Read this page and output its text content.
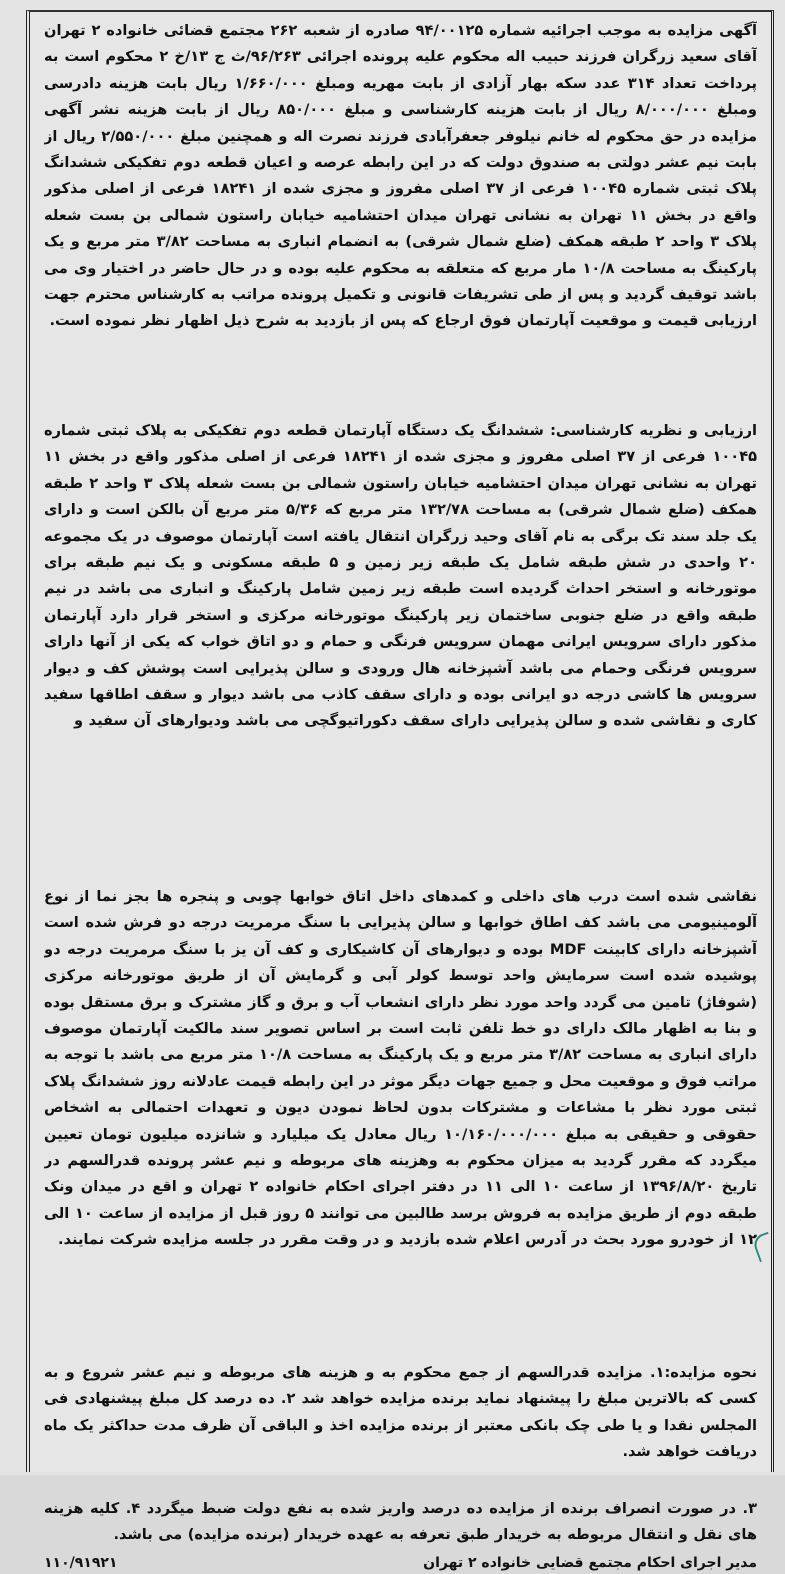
آگهی مزایده به موجب اجرائیه شماره ۹۴/۰۰۱۲۵ صادره از شعبه ۲۶۲ مجتمع قضائی خانواده ۲ تهران آقای سعید زرگران فرزند حبیب اله محکوم علیه پرونده اجرائی ۹۶/۲۶۳/ث ج ۱۳/خ ۲ محکوم است به پرداخت تعداد ۳۱۴ عدد سکه بهار آزادی از بابت مهریه ومبلغ ۱/۶۶۰/۰۰۰ ریال بابت هزینه دادرسی ومبلغ ۸/۰۰۰/۰۰۰ ریال از بابت هزینه کارشناسی و مبلغ ۸۵۰/۰۰۰ ریال از بابت هزینه نشر آگهی مزایده در حق محکوم له خانم نیلوفر جعفرآبادی فرزند نصرت اله و همچنین مبلغ ۲/۵۵۰/۰۰۰ ریال از بابت نیم عشر دولتی به صندوق دولت که در این رابطه عرصه و اعیان قطعه دوم تفکیکی ششدانگ پلاک ثبتی شماره ۱۰۰۴۵ فرعی از ۳۷ اصلی مفروز و مجزی شده از ۱۸۲۴۱ فرعی از اصلی مذکور واقع در بخش ۱۱ تهران به نشانی تهران میدان احتشامیه خیابان راستون شمالی بن بست شعله پلاک ۳ واحد ۲ طبقه همکف (ضلع شمال شرقی) به انضمام انباری به مساحت ۳/۸۲ متر مربع و یک پارکینگ به مساحت ۱۰/۸ مار مربع که متعلقه به محکوم علیه بوده و در حال حاضر در اختیار وی می باشد توقیف گردید و پس از طی تشریفات قانونی و تکمیل پرونده مراتب به کارشناس محترم جهت ارزیابی قیمت و موقعیت آپارتمان فوق ارجاع که پس از بازدید به شرح ذیل اظهار نظر نموده است.

ارزیابی و نظریه کارشناسی: ششدانگ یک دستگاه آپارتمان قطعه دوم تفکیکی به پلاک ثبتی شماره ۱۰۰۴۵ فرعی از ۳۷ اصلی مفروز و مجزی شده از ۱۸۲۴۱ فرعی از اصلی مذکور واقع در بخش ۱۱ تهران به نشانی تهران میدان احتشامیه خیابان راستون شمالی بن بست شعله پلاک ۳ واحد ۲ طبقه همکف (ضلع شمال شرقی) به مساحت ۱۳۲/۷۸ متر مربع که ۵/۳۶ متر مربع آن بالکن است و دارای یک جلد سند تک برگی به نام آقای وحید زرگران انتقال یافته است آپارتمان موصوف در یک مجموعه ۲۰ واحدی در شش طبقه شامل یک طبقه زیر زمین و ۵ طبقه مسکونی و یک نیم طبقه برای موتورخانه و استخر احداث گردیده است طبقه زیر زمین شامل پارکینگ و انباری می باشد در نیم طبقه واقع در ضلع جنوبی ساختمان زیر پارکینگ موتورخانه مرکزی و استخر قرار دارد آپارتمان مذکور دارای سرویس ایرانی مهمان سرویس فرنگی و حمام و دو اتاق خواب که یکی از آنها دارای سرویس فرنگی وحمام می باشد آشپزخانه هال ورودی و سالن پذیرایی است پوشش کف و دیوار سرویس ها کاشی درجه دو ایرانی بوده و دارای سقف کاذب می باشد دیوار و سقف اطاقها سفید کاری و نقاشی شده و سالن پذیرایی دارای سقف دکوراتیوگچی می باشد ودیوارهای آن سفید و

نقاشی شده است درب های داخلی و کمدهای داخل اتاق خوابها چوبی و پنجره ها بجز نما از نوع آلومینیومی می باشد کف اطاق خوابها و سالن پذیرایی با سنگ مرمریت درجه دو فرش شده است آشپزخانه دارای کابینت MDF بوده و دیوارهای آن کاشیکاری و کف آن یز با سنگ مرمریت درجه دو پوشیده شده است سرمایش واحد توسط کولر آبی و گرمایش آن از طریق موتورخانه مرکزی (شوفاژ) تامین می گردد واحد مورد نظر دارای انشعاب آب و برق و گاز مشترک و برق مستقل بوده و بنا به اظهار مالک دارای دو خط تلفن ثابت است بر اساس تصویر سند مالکیت آپارتمان موصوف دارای انباری به مساحت ۳/۸۲ متر مربع و یک پارکینگ به مساحت ۱۰/۸ متر مربع می باشد با توجه به مراتب فوق و موقعیت محل و جمیع جهات دیگر موثر در این رابطه قیمت عادلانه روز ششدانگ پلاک ثبتی مورد نظر با مشاعات و مشترکات بدون لحاظ نمودن دیون و تعهدات احتمالی به اشخاص حقوقی و حقیقی به مبلغ ۱۰/۱۶۰/۰۰۰/۰۰۰ ریال معادل یک میلیارد و شانزده میلیون تومان تعیین میگردد که مقرر گردید به میزان محکوم به وهزینه های مربوطه و نیم عشر پرونده قدرالسهم در تاریخ ۱۳۹۶/۸/۲۰ از ساعت ۱۰ الی ۱۱ در دفتر اجرای احکام خانواده ۲ تهران و اقع در میدان ونک طبقه دوم از طریق مزایده به فروش برسد طالبین می توانند ۵ روز قبل از مزایده از ساعت ۱۰ الی ۱۲ از خودرو مورد بحث در آدرس اعلام شده بازدید و در وقت مقرر در جلسه مزایده شرکت نمایند.

نحوه مزایده:۱. مزایده قدرالسهم از جمع محکوم به و هزینه های مربوطه و نیم عشر شروع و به کسی که بالاترین مبلغ را پیشنهاد نماید برنده مزایده خواهد شد ۲. ده درصد کل مبلغ پیشنهادی فی المجلس نقدا و یا طی چک بانکی معتبر از برنده مزایده اخذ و الباقی آن ظرف مدت حداکثر یک ماه دریافت خواهد شد.

۳. در صورت انصراف برنده از مزایده ده درصد واریز شده به نفع دولت ضبط میگردد ۴. کلیه هزینه های نقل و انتقال مربوطه به خریدار طبق تعرفه به عهده خریدار (برنده مزایده) می باشد.

مدیر اجرای احکام مجتمع قضایی خانواده ۲ تهران
۱۱۰/۹۱۹۲۱
